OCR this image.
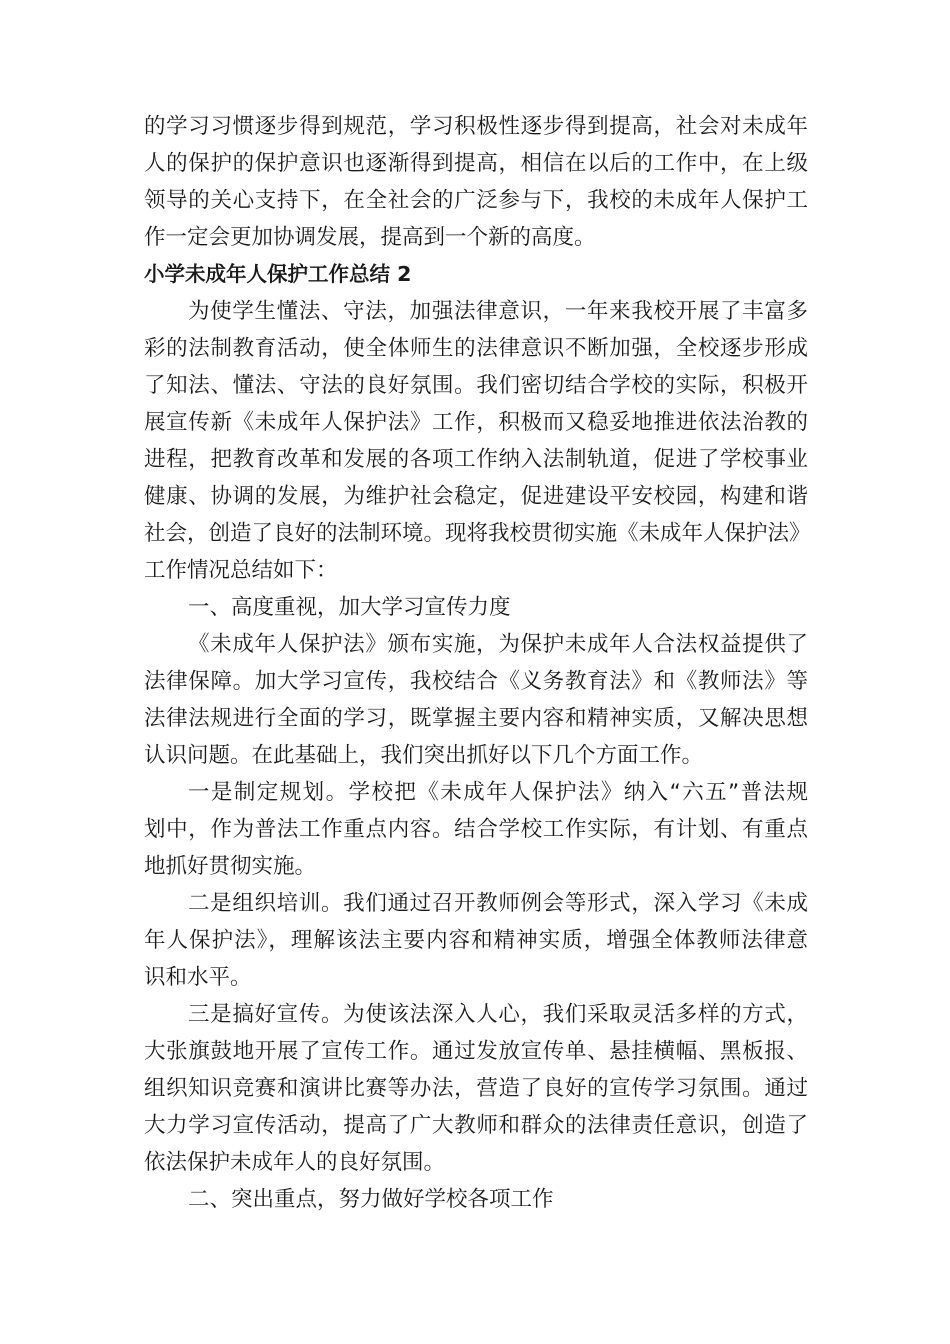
的学习习惯逐步得到规范，学习积极性逐步得到提高，社会对未成年
人的保护的保护意识也逐渐得到提高，相信在以后的工作中，在上级
领导的关心支持下，在全社会的广泛参与下，我校的未成年人保护工
作一定会更加协调发展，提高到一个新的高度。
小学未成年人保护工作总结 2
为使学生懂法、守法，加强法律意识，一年来我校开展了丰富多
彩的法制教育活动，使全体师生的法律意识不断加强，全校逐步形成
了知法、懂法、守法的良好氛围。我们密切结合学校的实际，积极开
展宣传新《未成年人保护法》工作，积极而又稳妥地推进依法治教的
进程，把教育改革和发展的各项工作纳入法制轨道，促进了学校事业
健康、协调的发展，为维护社会稳定，促进建设平安校园，构建和谐
社会，创造了良好的法制环境。现将我校贯彻实施《未成年人保护法》
工作情况总结如下：
一、高度重视，加大学习宣传力度
《未成年人保护法》颁布实施，为保护未成年人合法权益提供了
法律保障。加大学习宣传，我校结合《义务教育法》和《教师法》等
法律法规进行全面的学习，既掌握主要内容和精神实质，又解决思想
认识问题。在此基础上，我们突出抓好以下几个方面工作。
一是制定规划。学校把《未成年人保护法》纳入“六五”普法规
划中，作为普法工作重点内容。结合学校工作实际，有计划、有重点
地抓好贯彻实施。
二是组织培训。我们通过召开教师例会等形式，深入学习《未成
年人保护法》，理解该法主要内容和精神实质，增强全体教师法律意
识和水平。
三是搞好宣传。为使该法深入人心，我们采取灵活多样的方式，
大张旗鼓地开展了宣传工作。通过发放宣传单、悬挂横幅、黑板报、
组织知识竞赛和演讲比赛等办法，营造了良好的宣传学习氛围。通过
大力学习宣传活动，提高了广大教师和群众的法律责任意识，创造了
依法保护未成年人的良好氛围。
二、突出重点，努力做好学校各项工作
